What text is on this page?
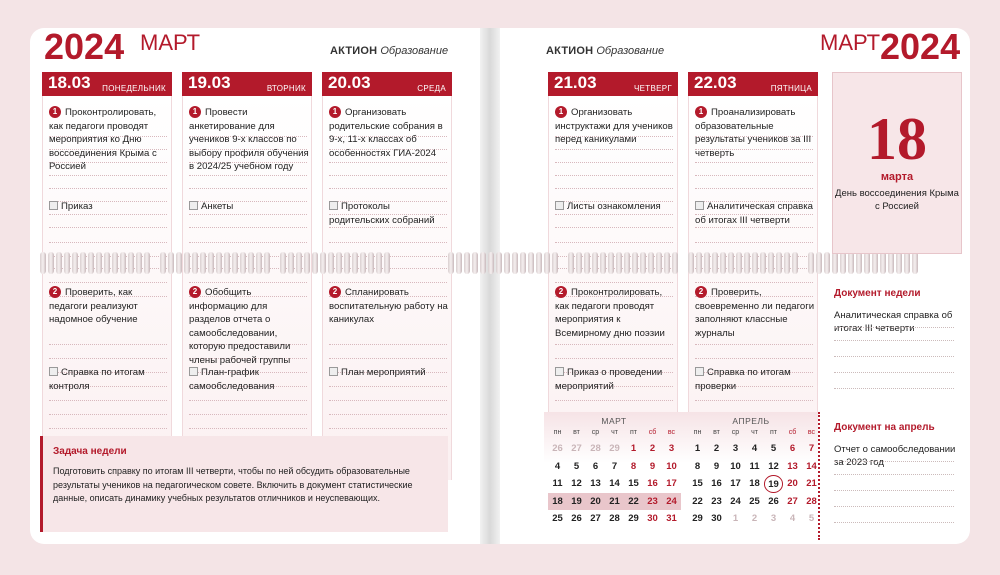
2024 МАРТ	АКТИОН Образование	АКТИОН Образование	МАРТ 2024
18.03 ПОНЕДЕЛЬНИК
1 Проконтролировать, как педагоги проводят мероприятия ко Дню воссоединения Крыма с Россией
Приказ
2 Проверить, как педагоги реализуют надомное обучение
Справка по итогам контроля
19.03	ВТОРНИК
1 Провести анкетирование для учеников 9-х классов по выбору профиля обучения в 2024/25 учебном году
Анкеты
2 Обобщить информацию для разделов отчета о самообследовании, которую предоставили члены рабочей группы
План-график самообследования
20.03	СРЕДА
1 Организовать родительские собрания в 9-х, 11-х классах об особенностях ГИА-2024
Протоколы родительских собраний
2 Спланировать воспитательную работу на каникулах
План мероприятий
21.03	ЧЕТВЕРГ
1 Организовать инструктажи для учеников перед каникулами
Листы ознакомления
2 Проконтролировать, как педагоги проводят мероприятия к Всемирному дню поэзии
Приказ о проведении мероприятий
22.03	ПЯТНИЦА
1 Проанализировать образовательные результаты учеников за III четверть
Аналитическая справка об итогах III четверти
2 Проверить, своевременно ли педагоги заполняют классные журналы
Справка по итогам проверки
Задача недели

Подготовить справку по итогам III четверти, чтобы по ней обсудить образовательные результаты учеников на педагогическом совете. Включить в документ статистические данные, описать динамику учебных результатов отличников и неуспевающих.

18
марта
День воссоединения Крыма с Россией
Документ недели
Аналитическая справка об итогах III четверти
Документ на апрель
Отчет о самообследовании за 2023 год
МАРТ
пн	вт	ср	чт	пт	сб	вс
26 27 28 29	1	2	3
4	5	6	7	8	9	10
11 12 13 14 15 16 17
18 19 20 21 22 23 24
25 26 27 28 29 30 31
АПРЕЛЬ
пн	вт	ср	чт	пт	сб	вс
1	2	3	4	5	6	7
8	9	10 11 12 13 14
15 16 17 18 19 20 21
22 23 24 25 26 27 28
29 30	1	2	3	4	5
